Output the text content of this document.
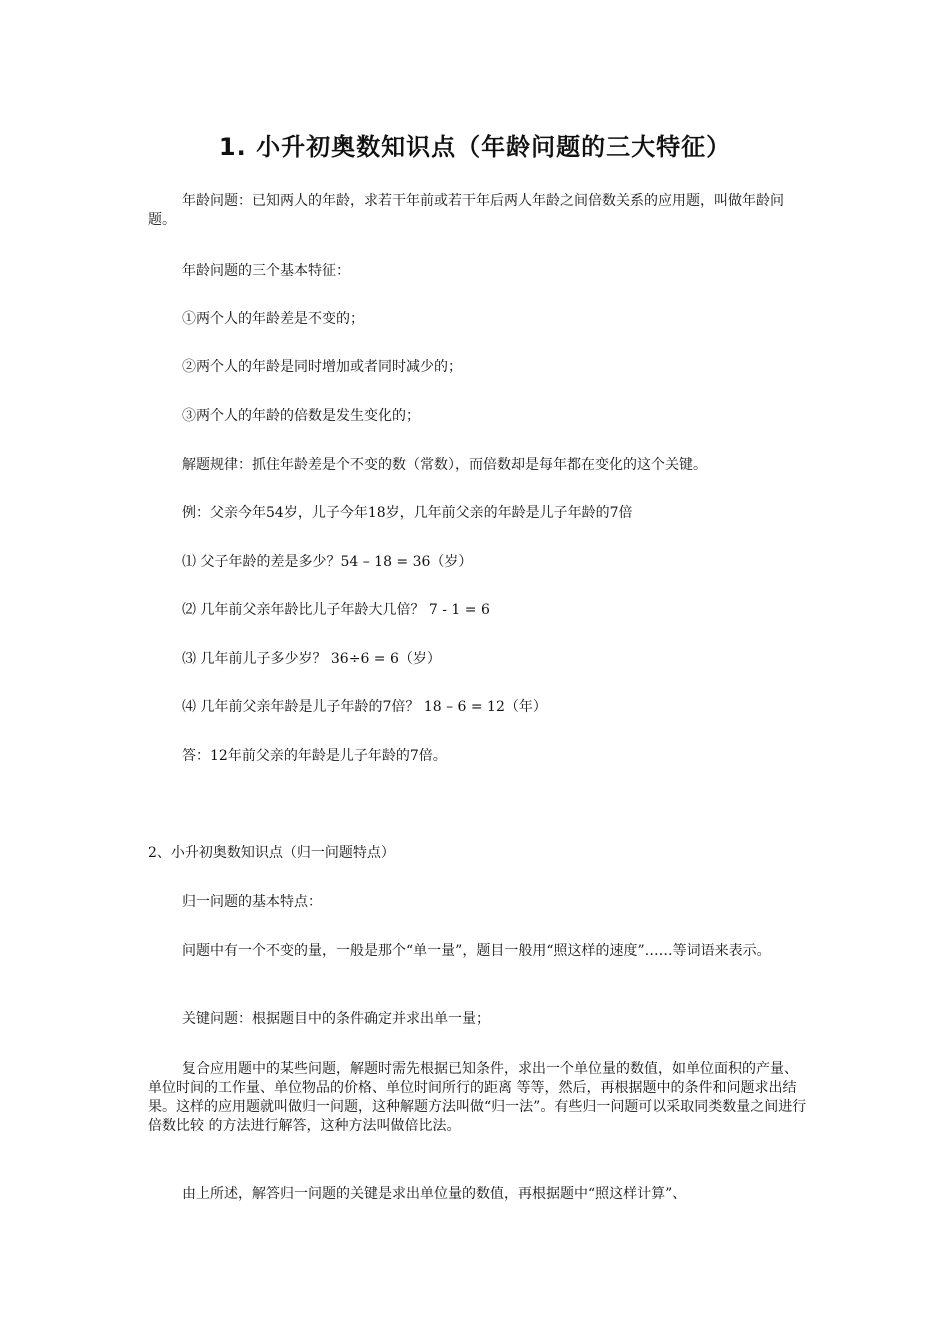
1. 小升初奥数知识点（年龄问题的三大特征）

年龄问题：已知两人的年龄，求若干年前或若干年后两人年龄之间倍数关系的应用题，叫做年龄问题。

年龄问题的三个基本特征：

①两个人的年龄差是不变的；

②两个人的年龄是同时增加或者同时减少的；

③两个人的年龄的倍数是发生变化的；

解题规律：抓住年龄差是个不变的数（常数），而倍数却是每年都在变化的这个关键。

例：父亲今年54岁，儿子今年18岁，几年前父亲的年龄是儿子年龄的7倍

⑴ 父子年龄的差是多少？54 – 18 = 36（岁）

⑵ 几年前父亲年龄比儿子年龄大几倍？ 7 - 1 = 6

⑶ 几年前儿子多少岁？ 36÷6 = 6（岁）

⑷ 几年前父亲年龄是儿子年龄的7倍？ 18 – 6 = 12（年）

答：12年前父亲的年龄是儿子年龄的7倍。

2、小升初奥数知识点（归一问题特点）

归一问题的基本特点：

问题中有一个不变的量，一般是那个“单一量”，题目一般用“照这样的速度”……等词语来表示。

关键问题：根据题目中的条件确定并求出单一量；

复合应用题中的某些问题，解题时需先根据已知条件，求出一个单位量的数值，如单位面积的产量、单位时间的工作量、单位物品的价格、单位时间所行的距离 等等，然后，再根据题中的条件和问题求出结果。这样的应用题就叫做归一问题，这种解题方法叫做“归一法”。有些归一问题可以采取同类数量之间进行倍数比较 的方法进行解答，这种方法叫做倍比法。

由上所述，解答归一问题的关键是求出单位量的数值，再根据题中“照这样计算”、
